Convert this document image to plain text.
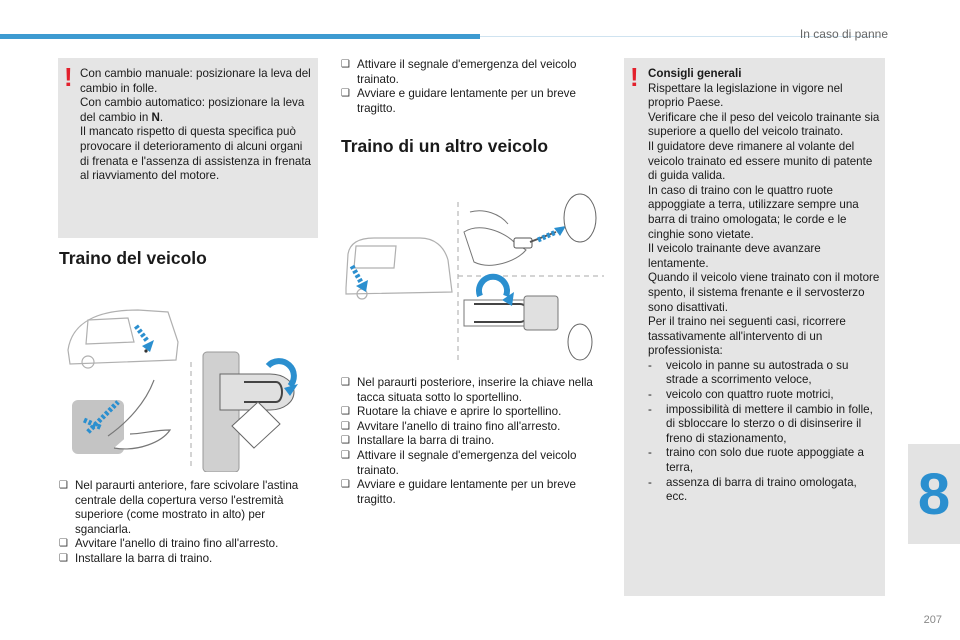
In caso di panne
! Con cambio manuale: posizionare la leva del cambio in folle.

Con cambio automatico: posizionare la leva del cambio in N.

Il mancato rispetto di questa specifica può provocare il deterioramento di alcuni organi di frenata e l'assenza di assistenza in frenata al riavviamento del motore.

Traino del veicolo
❑ Nel paraurti anteriore, fare scivolare l'astina centrale della copertura verso l'estremità superiore (come mostrato in alto) per sganciarla.
❑ Avvitare l'anello di traino fino all'arresto.
❑ Installare la barra di traino.
❑ Attivare il segnale d'emergenza del veicolo trainato.
❑ Avviare e guidare lentamente per un breve tragitto.
Traino di un altro veicolo
❑ Nel paraurti posteriore, inserire la chiave nella tacca situata sotto lo sportellino.
❑ Ruotare la chiave e aprire lo sportellino.
❑ Avvitare l'anello di traino fino all'arresto.
❑ Installare la barra di traino.
❑ Attivare il segnale d'emergenza del veicolo trainato.
❑ Avviare e guidare lentamente per un breve tragitto.
! Consigli generali

Rispettare la legislazione in vigore nel proprio Paese.

Verificare che il peso del veicolo trainante sia superiore a quello del veicolo trainato.

Il guidatore deve rimanere al volante del veicolo trainato ed essere munito di patente di guida valida.

In caso di traino con le quattro ruote appoggiate a terra, utilizzare sempre una barra di traino omologata; le corde e le cinghie sono vietate.

Il veicolo trainante deve avanzare lentamente.

Quando il veicolo viene trainato con il motore spento, il sistema frenante e il servosterzo sono disattivati.

Per il traino nei seguenti casi, ricorrere tassativamente all'intervento di un professionista:

- veicolo in panne su autostrada o su strade a scorrimento veloce,
- veicolo con quattro ruote motrici,
- impossibilità di mettere il cambio in folle, di sbloccare lo sterzo o di disinserire il freno di stazionamento,
- traino con solo due ruote appoggiate a terra,
- assenza di barra di traino omologata, ecc.	8
207
